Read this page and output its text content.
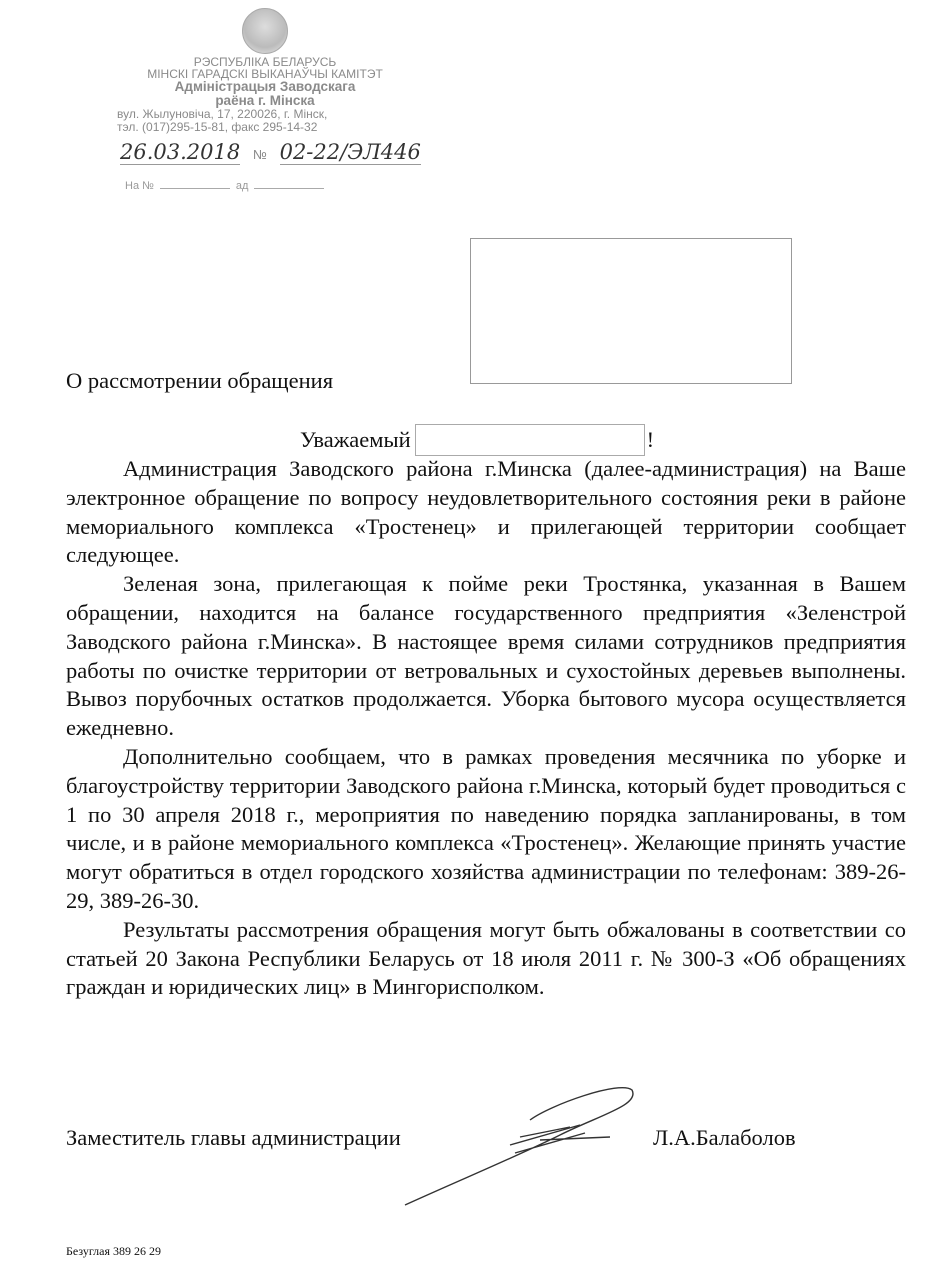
РЭСПУБЛІКА БЕЛАРУСЬ
МІНСКІ ГАРАДСКІ ВЫКАНАЎЧЫ КАМІТЭТ
Адміністрацыя Заводскага
раёна г. Мінска
вул. Жылуновіча, 17, 220026, г. Мінск,
тэл. (017)295-15-81, факс 295-14-32
26.03.2018 № 02-22/ЭЛ446
На №	ад
О рассмотрении обращения
Уважаемый	!

Администрация Заводского района г.Минска (далее-администрация) на Ваше электронное обращение по вопросу неудовлетворительного состояния реки в районе мемориального комплекса «Тростенец» и прилегающей территории сообщает следующее.

Зеленая зона, прилегающая к пойме реки Тростянка, указанная в Вашем обращении, находится на балансе государственного предприятия «Зеленстрой Заводского района г.Минска». В настоящее время силами сотрудников предприятия работы по очистке территории от ветровальных и сухостойных деревьев выполнены. Вывоз порубочных остатков продолжается. Уборка бытового мусора осуществляется ежедневно.

Дополнительно сообщаем, что в рамках проведения месячника по уборке и благоустройству территории Заводского района г.Минска, который будет проводиться с 1 по 30 апреля 2018 г., мероприятия по наведению порядка запланированы, в том числе, и в районе мемориального комплекса «Тростенец». Желающие принять участие могут обратиться в отдел городского хозяйства администрации по телефонам: 389-26-29, 389-26-30.

Результаты рассмотрения обращения могут быть обжалованы в соответствии со статьей 20 Закона Республики Беларусь от 18 июля 2011 г. № 300-З «Об обращениях граждан и юридических лиц» в Мингорисполком.

Заместитель главы администрации	Л.А.Балаболов
Безуглая 389 26 29
